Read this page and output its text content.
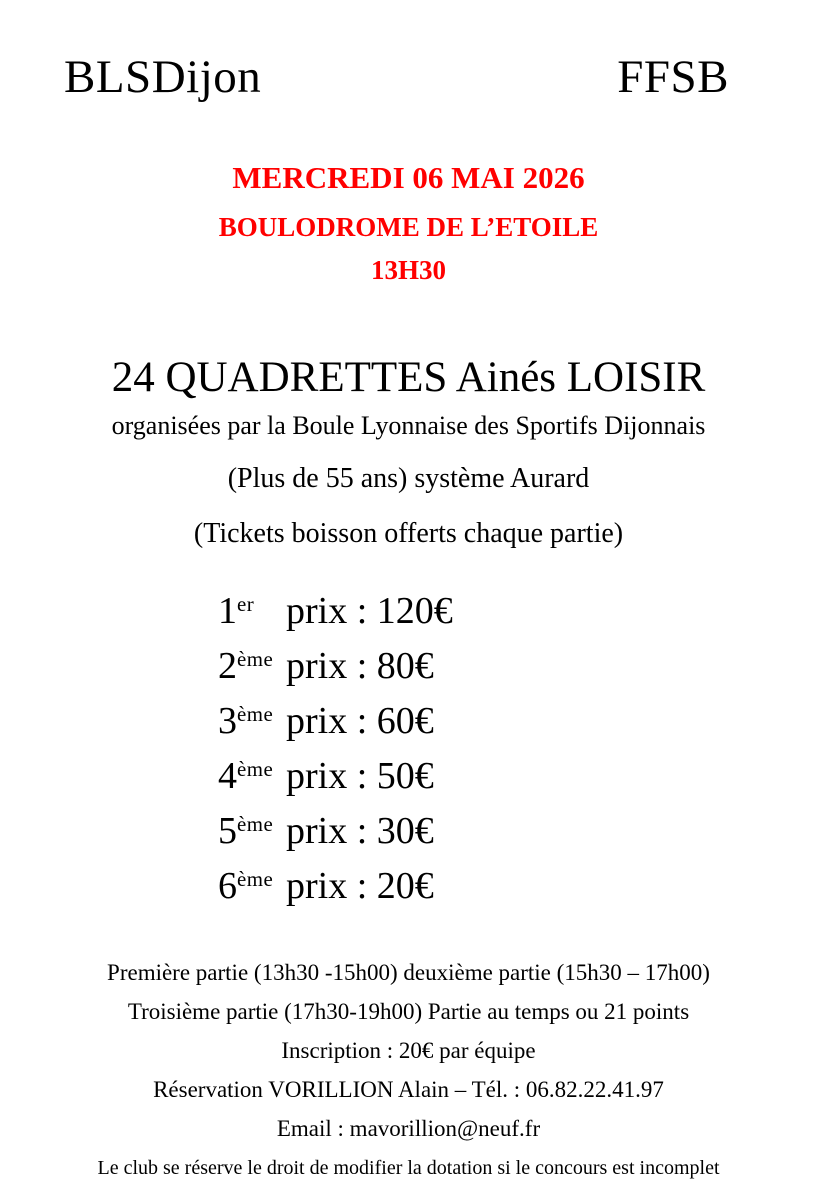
BLSDijon	FFSB
MERCREDI 06 MAI 2026
BOULODROME DE L’ETOILE
13H30
24 QUADRETTES Ainés LOISIR
organisées par la Boule Lyonnaise des Sportifs Dijonnais
(Plus de 55 ans) système Aurard
(Tickets boisson offerts chaque partie)
1er prix : 120€
2ème prix : 80€
3ème prix : 60€
4ème prix : 50€
5ème prix : 30€
6ème prix : 20€

Première partie (13h30 -15h00) deuxième partie (15h30 – 17h00)

Troisième partie (17h30-19h00) Partie au temps ou 21 points

Inscription : 20€ par équipe

Réservation VORILLION Alain – Tél. : 06.82.22.41.97

Email : mavorillion@neuf.fr

Le club se réserve le droit de modifier la dotation si le concours est incomplet
